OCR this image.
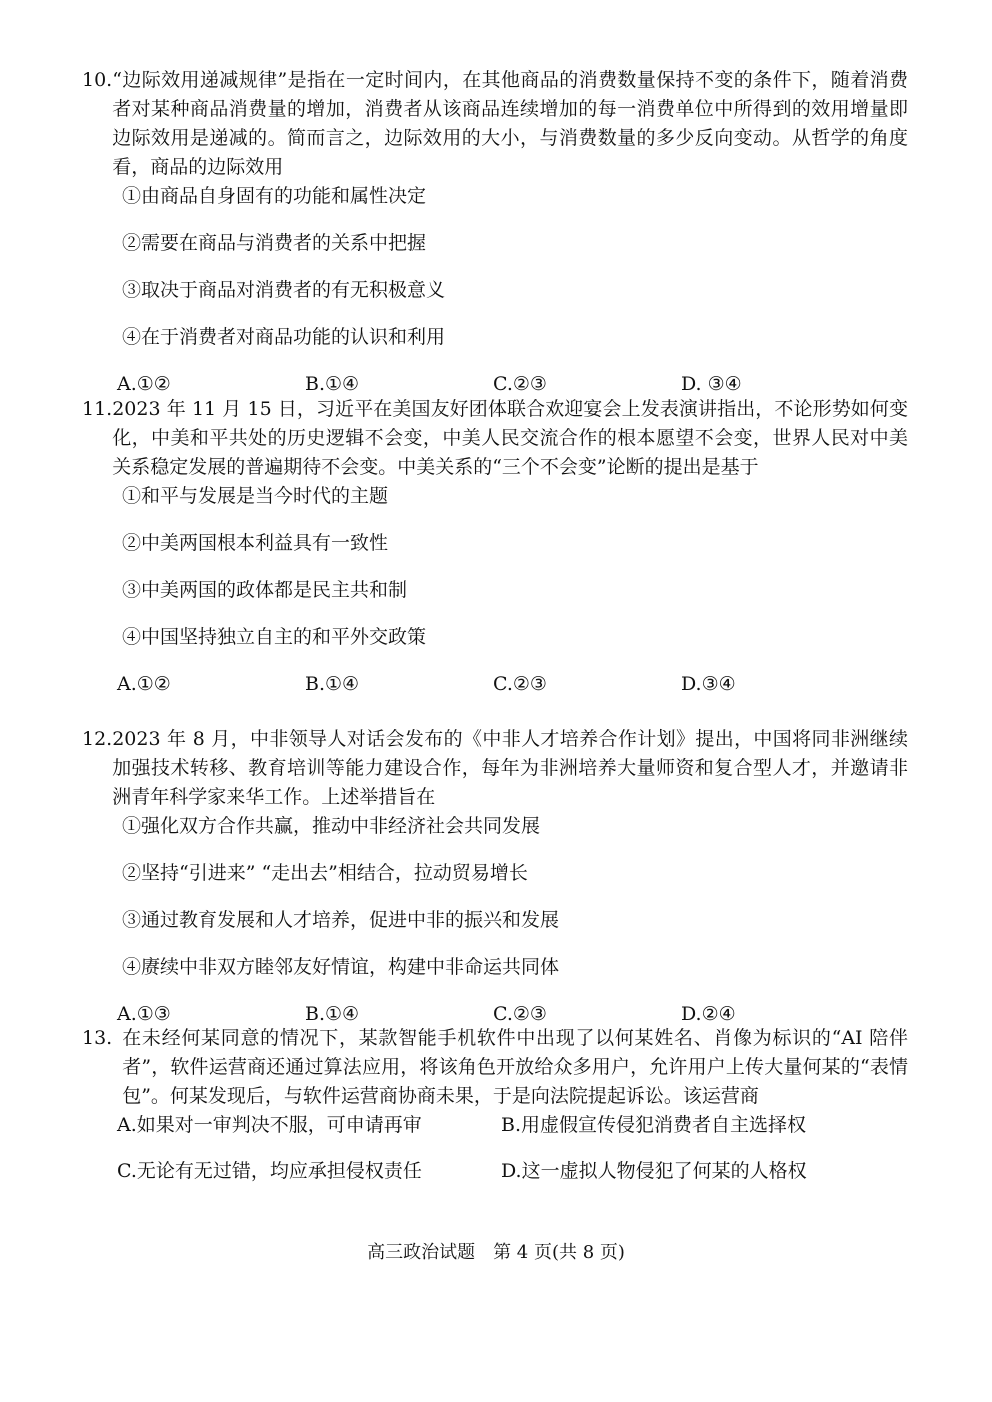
10. “边际效用递减规律”是指在一定时间内，在其他商品的消费数量保持不变的条件下，随着消费者对某种商品消费量的增加，消费者从该商品连续增加的每一消费单位中所得到的效用增量即边际效用是递减的。简而言之，边际效用的大小，与消费数量的多少反向变动。从哲学的角度看，商品的边际效用
①由商品自身固有的功能和属性决定
②需要在商品与消费者的关系中把握
③取决于商品对消费者的有无积极意义
④在于消费者对商品功能的认识和利用
A.①②	B.①④	C.②③	D. ③④
11. 2023 年 11 月 15 日，习近平在美国友好团体联合欢迎宴会上发表演讲指出，不论形势如何变化，中美和平共处的历史逻辑不会变，中美人民交流合作的根本愿望不会变，世界人民对中美关系稳定发展的普遍期待不会变。中美关系的“三个不会变”论断的提出是基于
①和平与发展是当今时代的主题
②中美两国根本利益具有一致性
③中美两国的政体都是民主共和制
④中国坚持独立自主的和平外交政策
A.①②	B.①④	C.②③	D.③④
12. 2023 年 8 月，中非领导人对话会发布的《中非人才培养合作计划》提出，中国将同非洲继续加强技术转移、教育培训等能力建设合作，每年为非洲培养大量师资和复合型人才，并邀请非洲青年科学家来华工作。上述举措旨在
①强化双方合作共赢，推动中非经济社会共同发展
②坚持“引进来” “走出去”相结合，拉动贸易增长
③通过教育发展和人才培养，促进中非的振兴和发展
④赓续中非双方睦邻友好情谊，构建中非命运共同体
A.①③	B.①④	C.②③	D.②④
13. 在未经何某同意的情况下，某款智能手机软件中出现了以何某姓名、肖像为标识的“AI 陪伴者”，软件运营商还通过算法应用，将该角色开放给众多用户，允许用户上传大量何某的“表情包”。何某发现后，与软件运营商协商未果，于是向法院提起诉讼。该运营商
A.如果对一审判决不服，可申请再审	B.用虚假宣传侵犯消费者自主选择权
C.无论有无过错，均应承担侵权责任	D.这一虚拟人物侵犯了何某的人格权
高三政治试题　第 4 页(共 8 页)
